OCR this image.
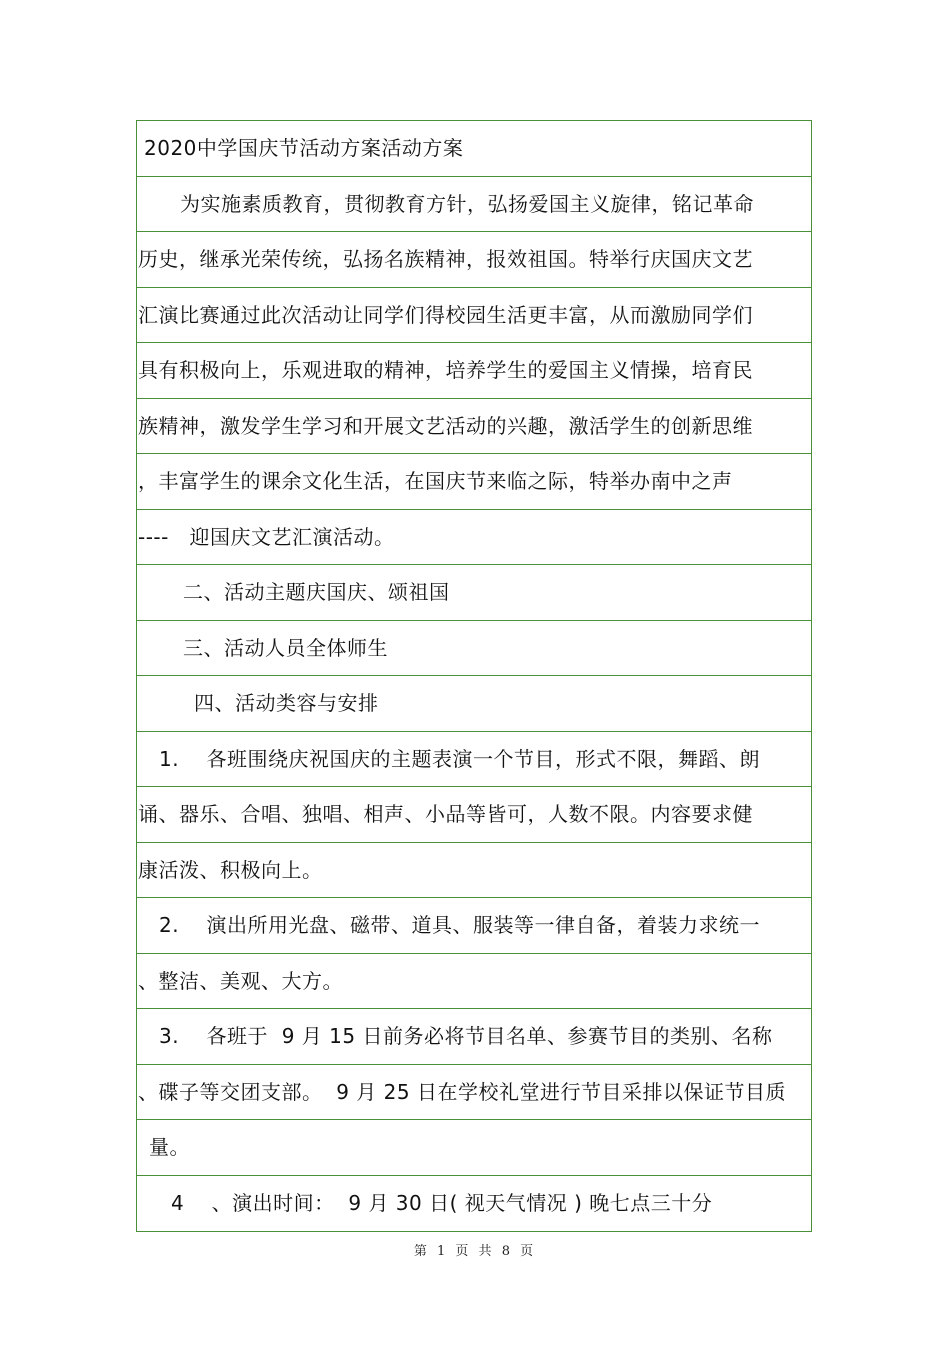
2020中学国庆节活动方案活动方案
为实施素质教育，贯彻教育方针，弘扬爱国主义旋律，铭记革命
历史，继承光荣传统，弘扬名族精神，报效祖国。特举行庆国庆文艺
汇演比赛通过此次活动让同学们得校园生活更丰富，从而激励同学们
具有积极向上，乐观进取的精神，培养学生的爱国主义情操，培育民
族精神，激发学生学习和开展文艺活动的兴趣，激活学生的创新思维
，丰富学生的课余文化生活，在国庆节来临之际，特举办南中之声
----   迎国庆文艺汇演活动。
二、活动主题庆国庆、颂祖国
三、活动人员全体师生
四、活动类容与安排
1.    各班围绕庆祝国庆的主题表演一个节目，形式不限，舞蹈、朗
诵、器乐、合唱、独唱、相声、小品等皆可，人数不限。内容要求健
康活泼、积极向上。
2.    演出所用光盘、磁带、道具、服装等一律自备，着装力求统一
、整洁、美观、大方。
3.    各班于  9 月 15 日前务必将节目名单、参赛节目的类别、名称
、碟子等交团支部。  9 月 25 日在学校礼堂进行节目采排以保证节目质
量。
4    、演出时间：  9 月 30 日( 视天气情况 ) 晚七点三十分
第 1 页 共 8 页
